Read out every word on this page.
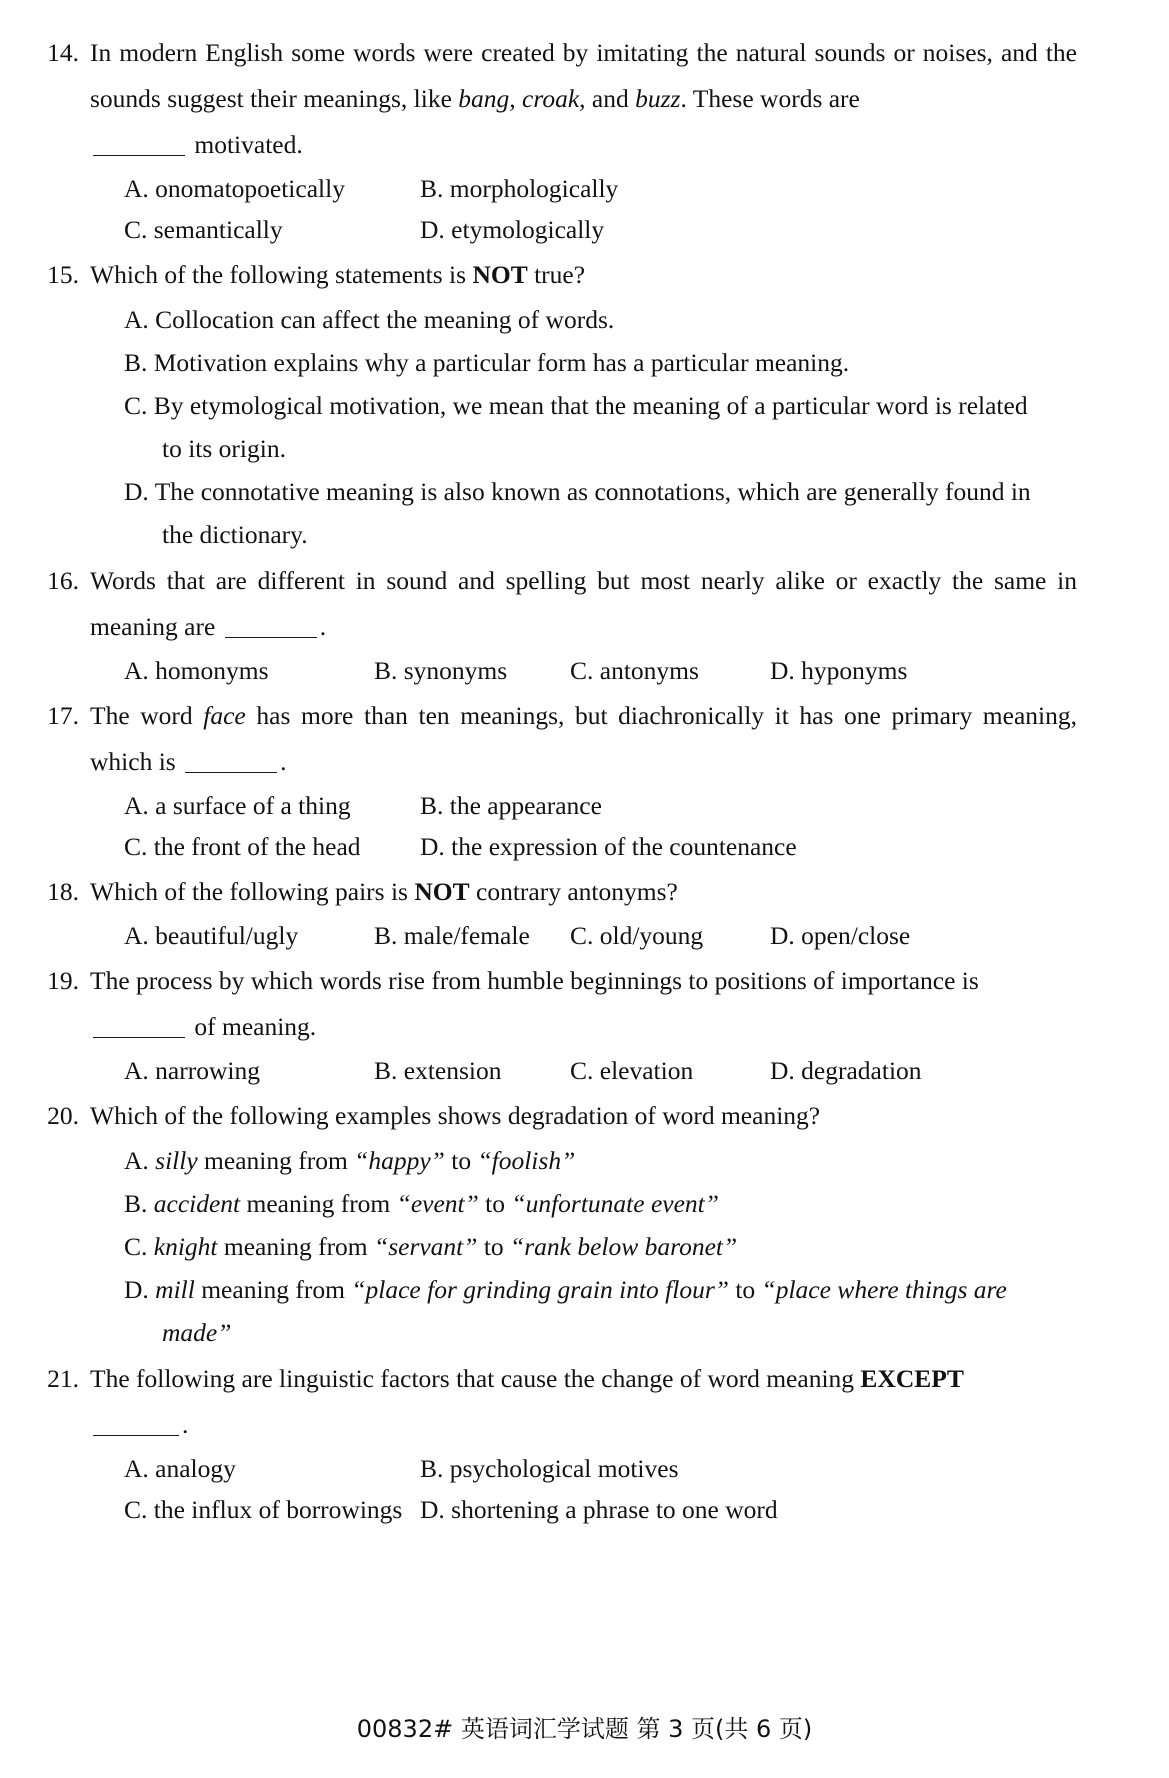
14. In modern English some words were created by imitating the natural sounds or noises, and the sounds suggest their meanings, like bang, croak, and buzz. These words are
motivated.
A. onomatopoetically	B. morphologically
C. semantically	D. etymologically
15. Which of the following statements is NOT true?
A. Collocation can affect the meaning of words.
B. Motivation explains why a particular form has a particular meaning.
C. By etymological motivation, we mean that the meaning of a particular word is related
to its origin.
D. The connotative meaning is also known as connotations, which are generally found in
the dictionary.
16. Words that are different in sound and spelling but most nearly alike or exactly the same in meaning are	.
A. homonyms	B. synonyms	C. antonyms	D. hyponyms
17. The word face has more than ten meanings, but diachronically it has one primary meaning, which is	.
A. a surface of a thing	B. the appearance
C. the front of the head	D. the expression of the countenance
18. Which of the following pairs is NOT contrary antonyms?
A. beautiful/ugly	B. male/female	C. old/young	D. open/close
19. The process by which words rise from humble beginnings to positions of importance is
of meaning.
A. narrowing	B. extension	C. elevation	D. degradation
20. Which of the following examples shows degradation of word meaning?
A. silly meaning from “happy” to “foolish”
B. accident meaning from “event” to “unfortunate event”
C. knight meaning from “servant” to “rank below baronet”
D. mill meaning from “place for grinding grain into flour” to “place where things are
made”
21. The following are linguistic factors that cause the change of word meaning EXCEPT
.
A. analogy	B. psychological motives
C. the influx of borrowings D. shortening a phrase to one word
00832# 英语词汇学试题 第 3 页(共 6 页)
